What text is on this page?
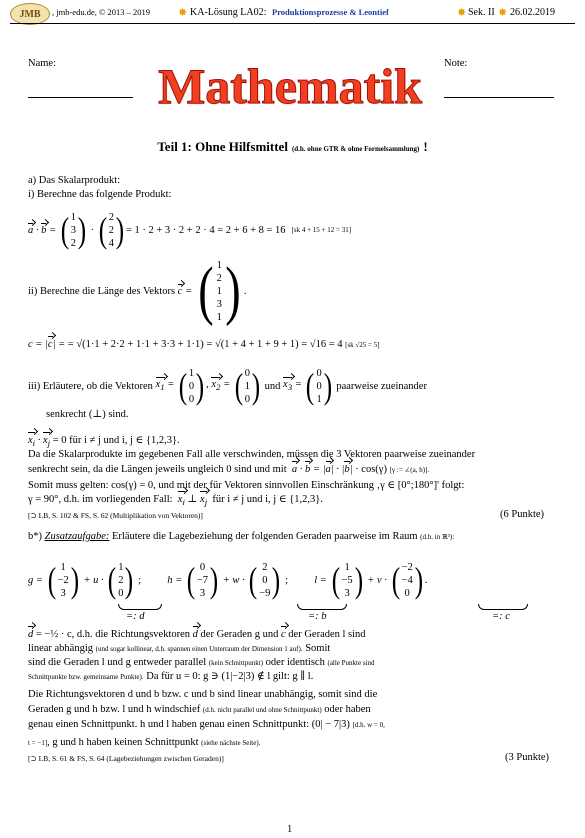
JMB	, jmb-edu.de, © 2013 – 2019	✸ KA-Lösung LA02: Produktionsprozesse & Leontief	✸ Sek. II ✸ 26.02.2019
Name:	Mathematik	Note:
Teil 1: Ohne Hilfsmittel (d.h. ohne GTR & ohne Formelsammlung) !
a) Das Skalarprodukt:
i) Berechne das folgende Produkt:
a · b = ( 1
3
2 ) · ( 2
2
4 ) = 1 · 2 + 3 · 2 + 2 · 4 = 2 + 6 + 8 = 16 [sk 4 + 15 + 12 = 31]
ii) Berechne die Länge des Vektors c = ( 1
2
1
3
1 ) .
c = |c| = = √(1·1 + 2·2 + 1·1 + 3·3 + 1·1) = √(1 + 4 + 1 + 9 + 1) = √16 = 4 [sk √25 = 5]
iii) Erläutere, ob die Vektoren $x_1$ = ( 1
0
0 ) , $x_2$ = ( 0
1
0 )
und $x_3$ = ( 0
0
1 )
paarweise zueinander
senkrecht (⊥) sind.
$x_i \cdot x_j = 0$ für i ≠ j und i, j ∈ {1,2,3}.
Da die Skalarprodukte im gegebenen Fall alle verschwinden, müssen die 3 Vektoren paarweise zueinander
senkrecht sein, da die Längen jeweils ungleich 0 sind und mit a · b = |a| · |b| · cos(γ) [γ := ∠(a, b)].
Somit muss gelten: cos(γ) = 0, und mit der für Vektoren sinnvollen Einschränkung ‚γ ∈ [0°;180°]' folgt:
γ = 90°, d.h. im vorliegenden Fall: $x_i$ ⊥ $x_j$ für i ≠ j und i, j ∈ {1,2,3}.
[⊃ LB, S. 102 & FS, S. 62 (Multiplikation von Vektoren)]	(6 Punkte)
b*) Zusatzaufgabe: Erläutere die Lagebeziehung der folgenden Geraden paarweise im Raum (d.h. in ℝ³):
g = ( 1
−2
3 ) + u · ( 1
2
0 ) ; h = ( 0
−7
3 ) + w · ( 2
0
−9 ) ; l = ( 1
−5
3 ) + v · ( −2
−4
0 ) .
=: d	=: b	=: c
d = −½ · c, d.h. die Richtungsvektoren d der Geraden g und c der Geraden l sind
linear abhängig (und sogar kollinear, d.h. spannen einen Unterraum der Dimension 1 auf). Somit
sind die Geraden l und g entweder parallel (kein Schnittpunkt) oder identisch (alle Punkte sind
Schnittpunkte bzw. gemeinsame Punkte). Da für u = 0: g ∋ (1|−2|3) ∉ l gilt: g ∥ l.
Die Richtungsvektoren d und b bzw. c und b sind linear unabhängig, somit sind die
Geraden g und h bzw. l und h windschief (d.h. nicht parallel und ohne Schnittpunkt) oder haben
genau einen Schnittpunkt. h und l haben genau einen Schnittpunkt: (0| − 7|3) [d.h. w = 0,
t = −1], g und h haben keinen Schnittpunkt (siehe nächste Seite).
[⊃ LB, S. 61 & FS, S. 64 (Lagebeziehungen zwischen Geraden)]	(3 Punkte)
1
